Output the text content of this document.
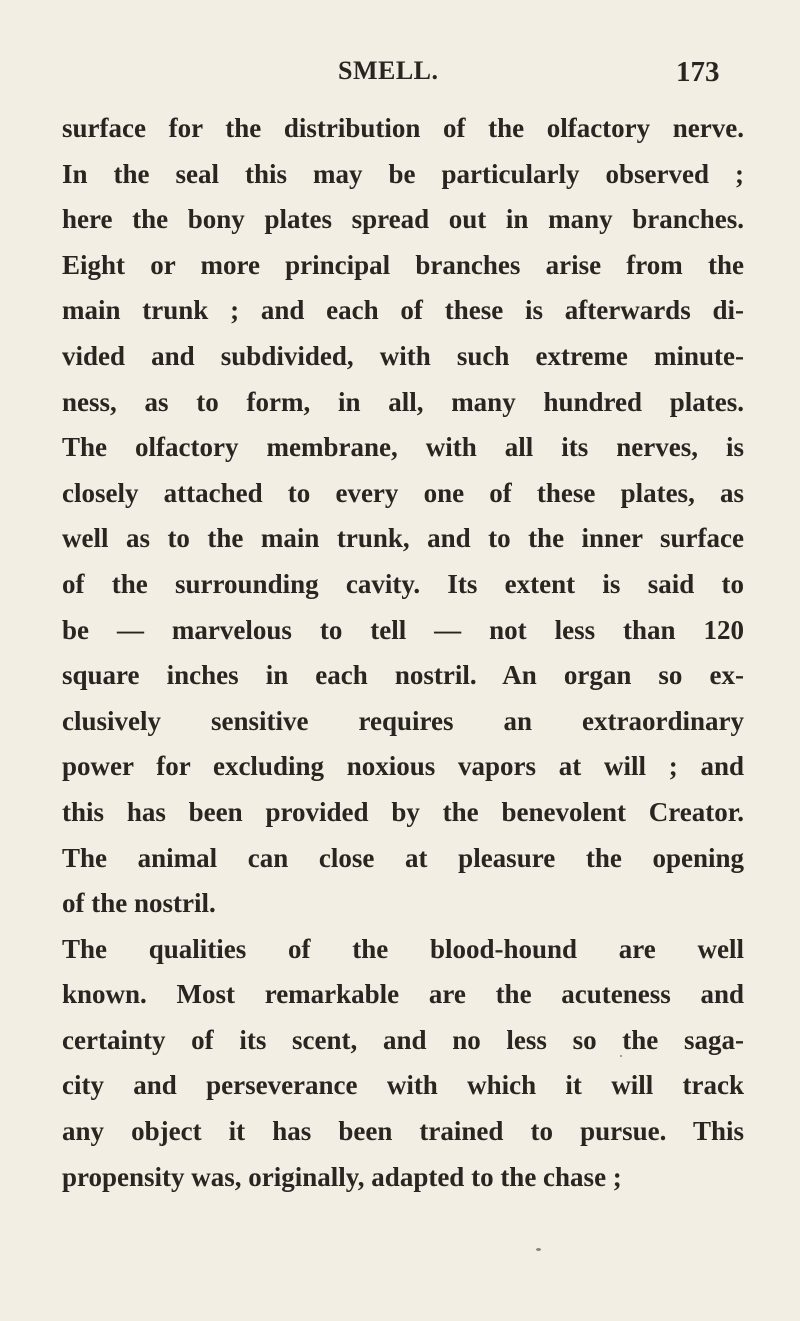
SMELL.	173
surface for the distribution of the olfactory nerve.
In the seal this may be particularly observed ;
here the bony plates spread out in many branches.
Eight or more principal branches arise from the
main trunk ; and each of these is afterwards di-
vided and subdivided, with such extreme minute-
ness, as to form, in all, many hundred plates.
The olfactory membrane, with all its nerves, is
closely attached to every one of these plates, as
well as to the main trunk, and to the inner surface
of the surrounding cavity. Its extent is said to
be — marvelous to tell — not less than 120
square inches in each nostril. An organ so ex-
clusively sensitive requires an extraordinary
power for excluding noxious vapors at will ; and
this has been provided by the benevolent Creator.
The animal can close at pleasure the opening
of the nostril.
The qualities of the blood-hound are well
known. Most remarkable are the acuteness and
certainty of its scent, and no less so the saga-
city and perseverance with which it will track
any object it has been trained to pursue. This
propensity was, originally, adapted to the chase ;
